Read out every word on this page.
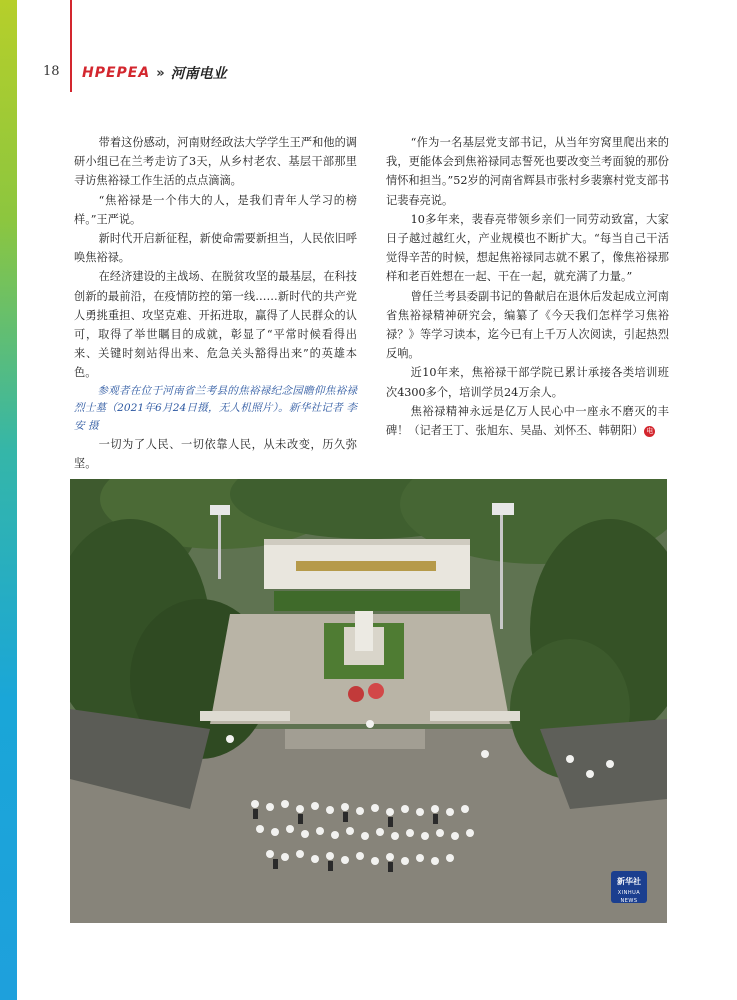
18 HPEPEA » 河南电业

带着这份感动，河南财经政法大学学生王严和他的调研小组已在兰考走访了3天，从乡村老农、基层干部那里寻访焦裕禄工作生活的点点滴滴。

“焦裕禄是一个伟大的人，是我们青年人学习的榜样。”王严说。

新时代开启新征程，新使命需要新担当，人民依旧呼唤焦裕禄。

在经济建设的主战场、在脱贫攻坚的最基层，在科技创新的最前沿，在疫情防控的第一线……新时代的共产党人勇挑重担、攻坚克难、开拓进取，赢得了人民群众的认可，取得了举世瞩目的成就，彰显了“平常时候看得出来、关键时刻站得出来、危急关头豁得出来”的英雄本色。

参观者在位于河南省兰考县的焦裕禄纪念园瞻仰焦裕禄烈士墓（2021年6月24日摄，无人机照片）。新华社记者 李安 摄

一切为了人民、一切依靠人民，从未改变，历久弥坚。

“作为一名基层党支部书记，从当年穷窝里爬出来的我，更能体会到焦裕禄同志誓死也要改变兰考面貌的那份情怀和担当。”52岁的河南省辉县市张村乡裴寨村党支部书记裴春亮说。

10多年来，裴春亮带领乡亲们一同劳动致富，大家日子越过越红火，产业规模也不断扩大。“每当自己干活觉得辛苦的时候，想起焦裕禄同志就不累了，像焦裕禄那样和老百姓想在一起、干在一起，就充满了力量。”

曾任兰考县委副书记的鲁献启在退休后发起成立河南省焦裕禄精神研究会，编纂了《今天我们怎样学习焦裕禄？》等学习读本，迄今已有上千万人次阅读，引起热烈反响。

近10年来，焦裕禄干部学院已累计承接各类培训班次4300多个，培训学员24万余人。

焦裕禄精神永远是亿万人民心中一座永不磨灭的丰碑！（记者王丁、张旭东、吴晶、刘怀丕、韩朝阳） 电

新华社
XINHUA NEWS
